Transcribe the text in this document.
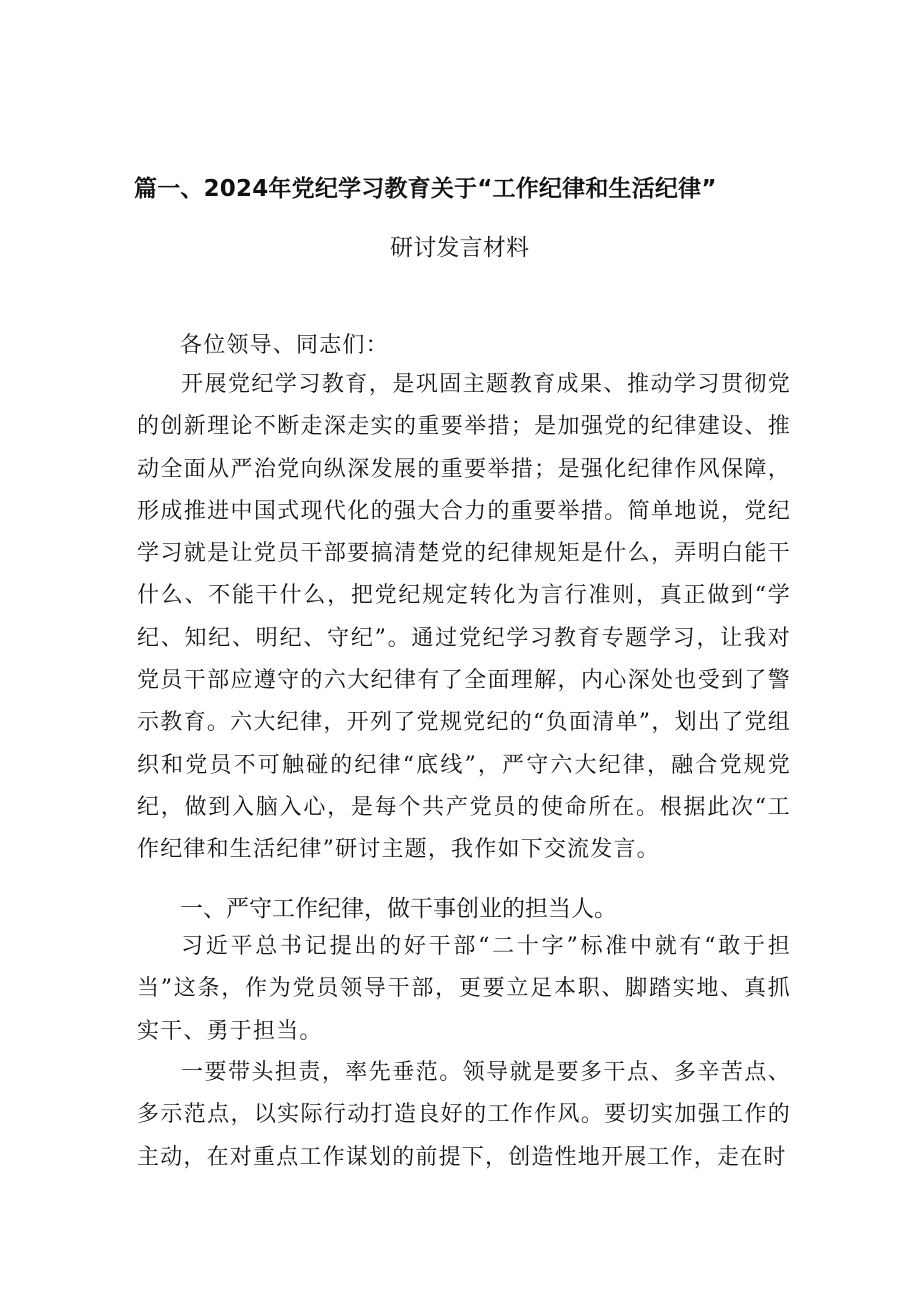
篇一、2024年党纪学习教育关于“工作纪律和生活纪律”
研讨发言材料

各位领导、同志们：

开展党纪学习教育，是巩固主题教育成果、推动学习贯彻党的创新理论不断走深走实的重要举措；是加强党的纪律建设、推动全面从严治党向纵深发展的重要举措；是强化纪律作风保障，形成推进中国式现代化的强大合力的重要举措。简单地说，党纪学习就是让党员干部要搞清楚党的纪律规矩是什么，弄明白能干什么、不能干什么，把党纪规定转化为言行准则，真正做到“学纪、知纪、明纪、守纪”。通过党纪学习教育专题学习，让我对党员干部应遵守的六大纪律有了全面理解，内心深处也受到了警示教育。六大纪律，开列了党规党纪的“负面清单”，划出了党组织和党员不可触碰的纪律“底线”，严守六大纪律，融合党规党纪，做到入脑入心，是每个共产党员的使命所在。根据此次“工作纪律和生活纪律”研讨主题，我作如下交流发言。

一、严守工作纪律，做干事创业的担当人。

习近平总书记提出的好干部“二十字”标准中就有“敢于担当”这条，作为党员领导干部，更要立足本职、脚踏实地、真抓实干、勇于担当。

一要带头担责，率先垂范。领导就是要多干点、多辛苦点、多示范点，以实际行动打造良好的工作作风。要切实加强工作的主动，在对重点工作谋划的前提下，创造性地开展工作，走在时
